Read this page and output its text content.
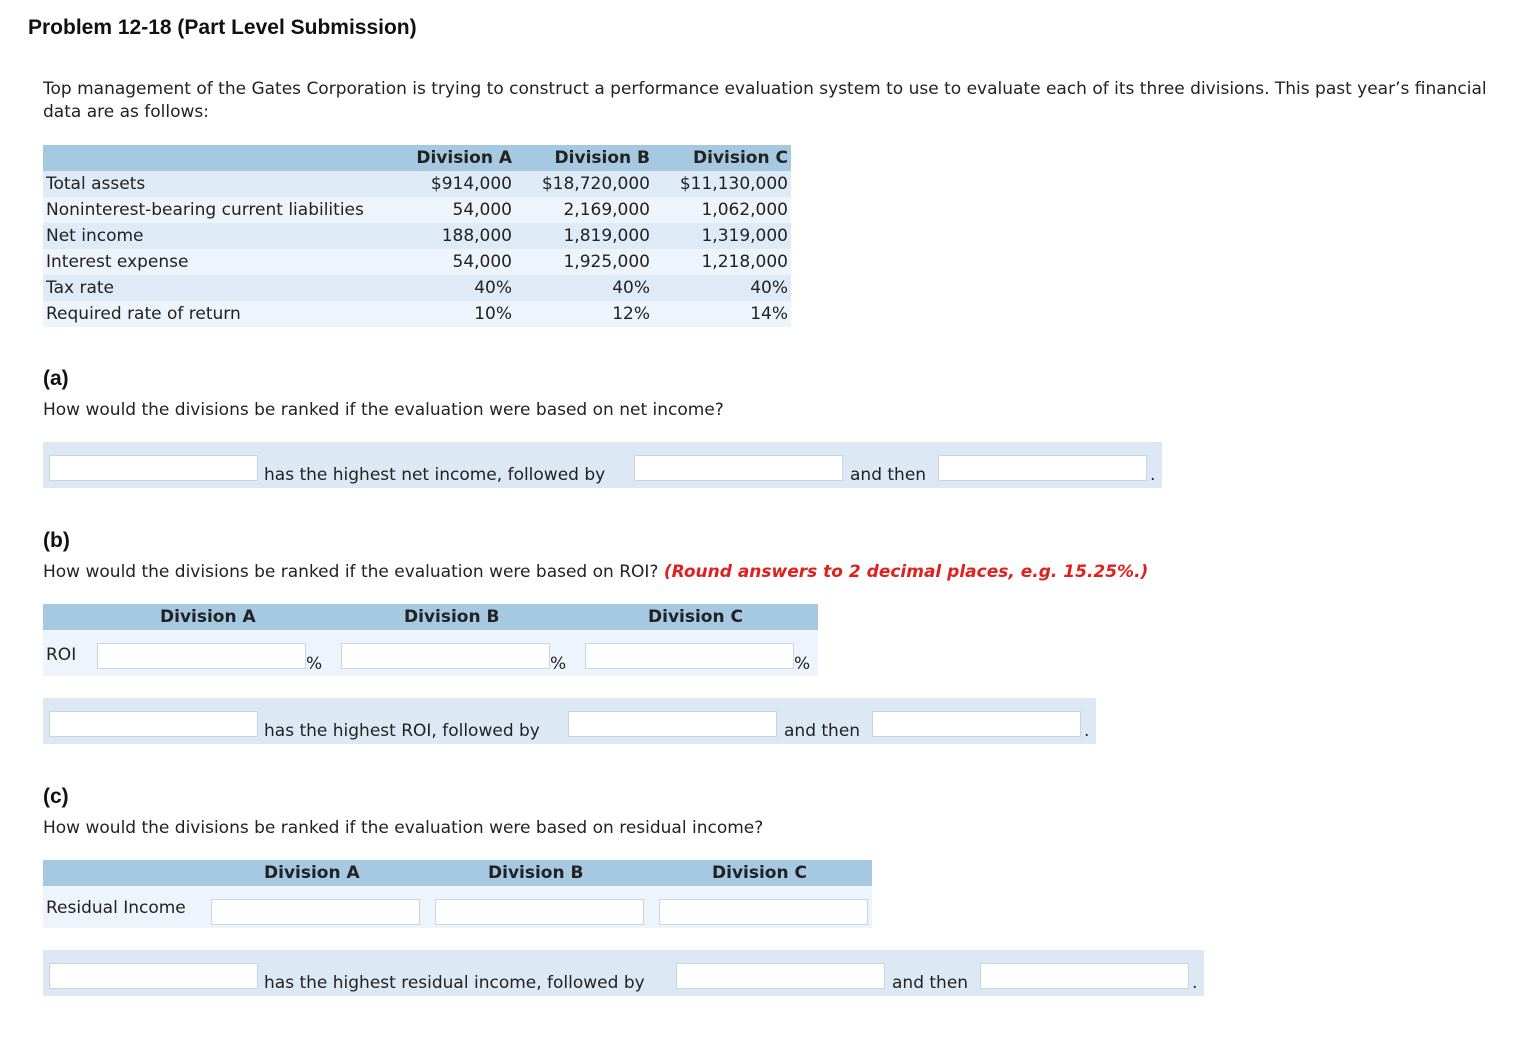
Problem 12-18 (Part Level Submission)
Top management of the Gates Corporation is trying to construct a performance evaluation system to use to evaluate each of its three divisions. This past year’s financial data are as follows:
	Division A	Division B	Division C
Total assets	$914,000	$18,720,000	$11,130,000
Noninterest-bearing current liabilities	54,000	2,169,000	1,062,000
Net income	188,000	1,819,000	1,319,000
Interest expense	54,000	1,925,000	1,218,000
Tax rate	40%	40%	40%
Required rate of return	10%	12%	14%
(a)
How would the divisions be ranked if the evaluation were based on net income?
has the highest net income, followed by	and then	.
(b)
How would the divisions be ranked if the evaluation were based on ROI? (Round answers to 2 decimal places, e.g. 15.25%.)
Division A	Division B	Division C
ROI	%	%	%
has the highest ROI, followed by	and then	.
(c)
How would the divisions be ranked if the evaluation were based on residual income?
Division A	Division B	Division C
Residual Income
has the highest residual income, followed by	and then	.
